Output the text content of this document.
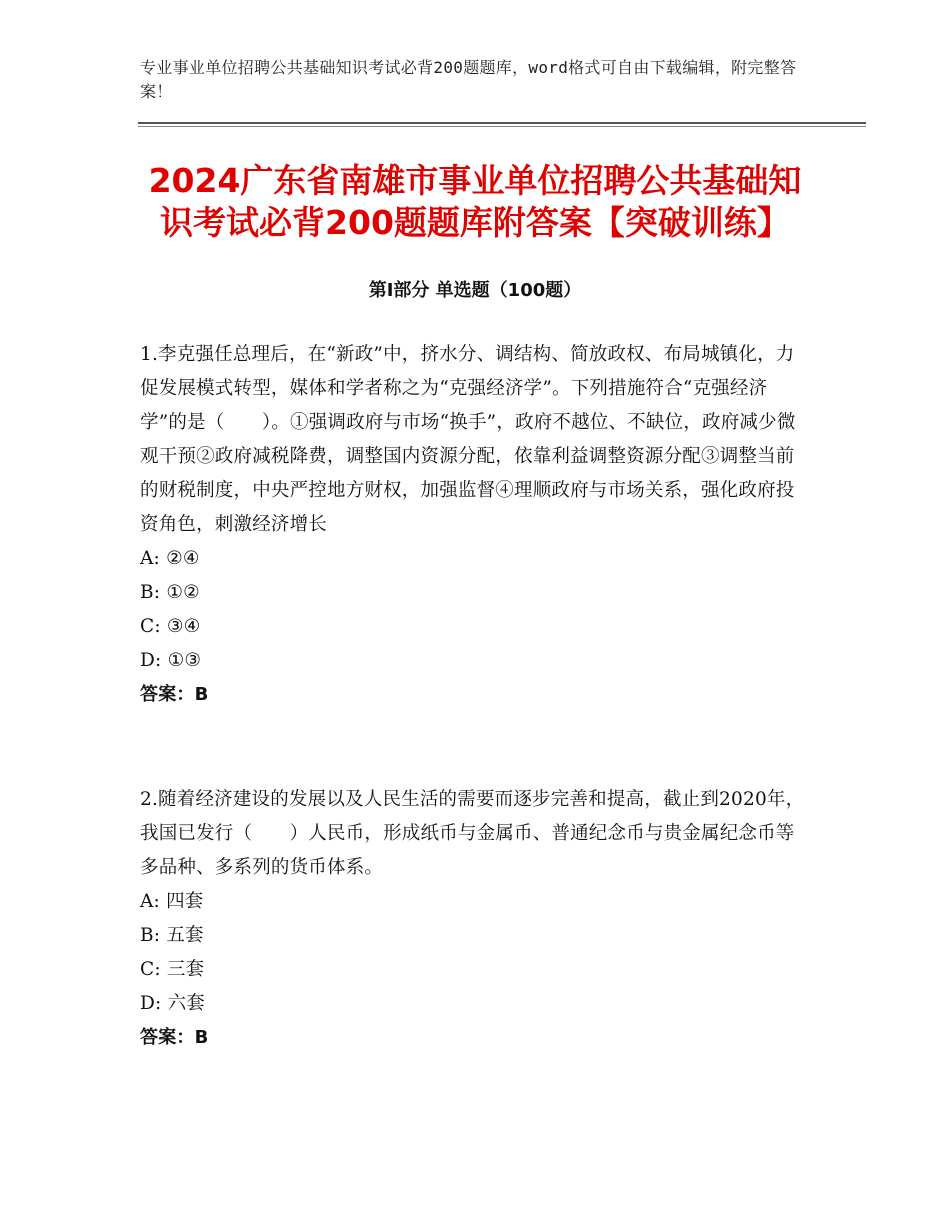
专业事业单位招聘公共基础知识考试必背200题题库，word格式可自由下载编辑，附完整答案！
2024广东省南雄市事业单位招聘公共基础知识考试必背200题题库附答案【突破训练】
第Ⅰ部分 单选题（100题）

1.李克强任总理后，在“新政”中，挤水分、调结构、简放政权、布局城镇化，力促发展模式转型，媒体和学者称之为“克强经济学”。下列措施符合“克强经济学”的是（　　）。①强调政府与市场“换手”，政府不越位、不缺位，政府减少微观干预②政府减税降费，调整国内资源分配，依靠利益调整资源分配③调整当前的财税制度，中央严控地方财权，加强监督④理顺政府与市场关系，强化政府投资角色，刺激经济增长

A: ②④

B: ①②

C: ③④

D: ①③

答案：B

2.随着经济建设的发展以及人民生活的需要而逐步完善和提高，截止到2020年，我国已发行（　　）人民币，形成纸币与金属币、普通纪念币与贵金属纪念币等多品种、多系列的货币体系。

A: 四套

B: 五套

C: 三套

D: 六套

答案：B
